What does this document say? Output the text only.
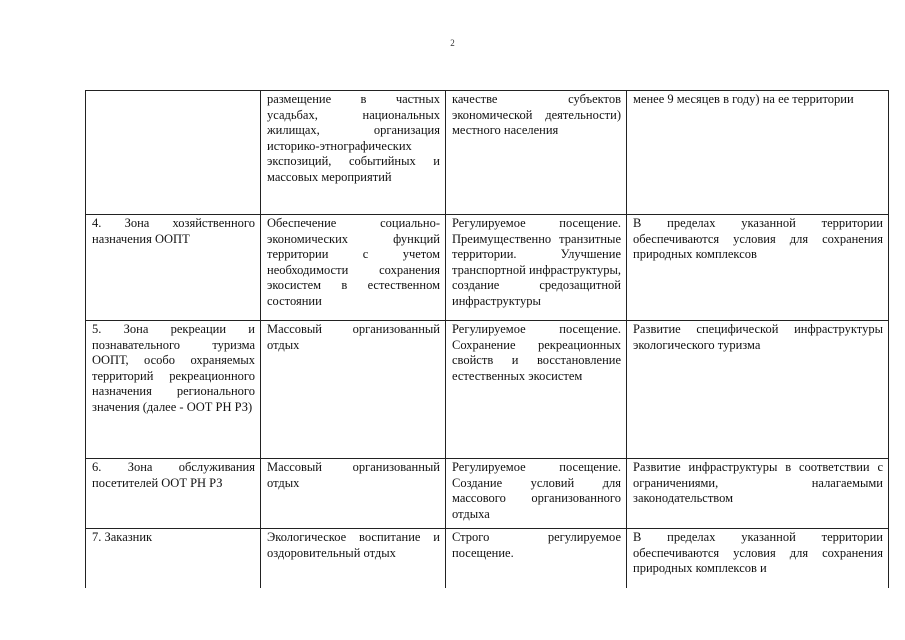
2
	размещение в частных усадьбах, национальных жилищах, организация историко-этнографических экспозиций, событийных и массовых мероприятий	качестве субъектов экономической деятельности) местного населения	менее 9 месяцев в году) на ее территории
4. Зона хозяйственного назначения ООПТ	Обеспечение социально-экономических функций территории с учетом необходимости сохранения экосистем в естественном состоянии	Регулируемое посещение. Преимущественно транзитные территории. Улучшение транспортной инфраструктуры, создание средозащитной инфраструктуры	В пределах указанной территории обеспечиваются условия для сохранения природных комплексов
5. Зона рекреации и познавательного туризма ООПТ, особо охраняемых территорий рекреационного назначения регионального значения (далее - ООТ РН РЗ)	Массовый организованный отдых	Регулируемое посещение. Сохранение рекреационных свойств и восстановление естественных экосистем	Развитие специфической инфраструктуры экологического туризма
6. Зона обслуживания посетителей ООТ РН РЗ	Массовый организованный отдых	Регулируемое посещение. Создание условий для массового организованного отдыха	Развитие инфраструктуры в соответствии с ограничениями, налагаемыми законодательством
7. Заказник	Экологическое воспитание и оздоровительный отдых	Строго регулируемое посещение.	В пределах указанной территории обеспечиваются условия для сохранения природных комплексов и
